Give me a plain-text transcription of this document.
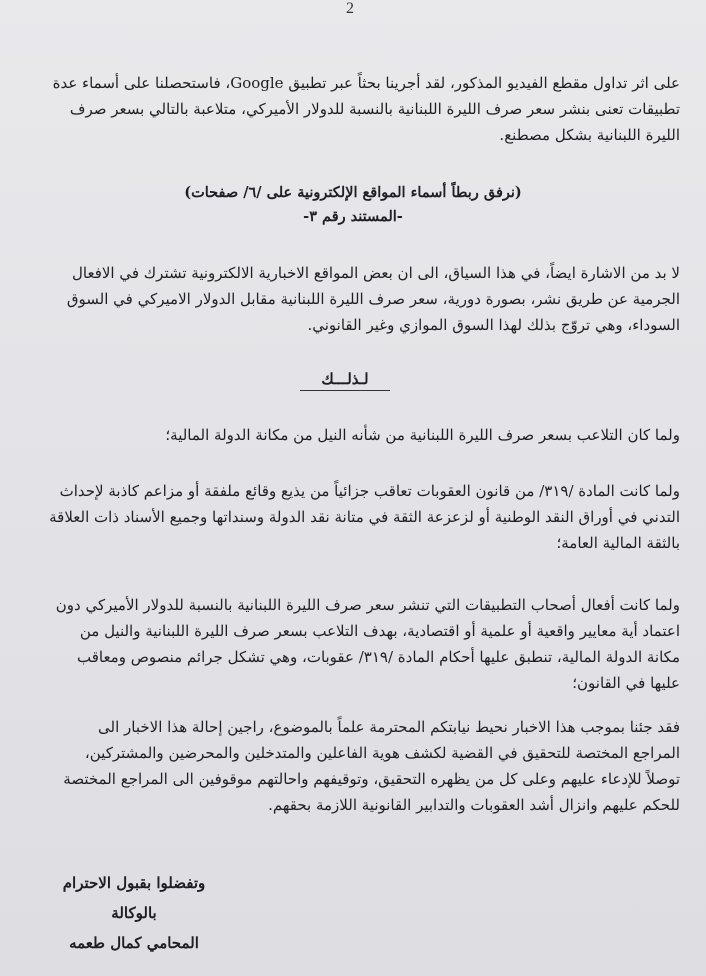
2
على اثر تداول مقطع الفيديو المذكور، لقد أجرينا بحثاً عبر تطبيق Google، فاستحصلنا على أسماء عدة
تطبيقات تعنى بنشر سعر صرف الليرة اللبنانية بالنسبة للدولار الأميركي، متلاعبة بالتالي بسعر صرف
الليرة اللبنانية بشكل مصطنع.
(نرفق ربطاً أسماء المواقع الإلكترونية على /٦/ صفحات)
-المستند رقم ٣-
لا بد من الاشارة ايضاً، في هذا السياق، الى ان بعض المواقع الاخبارية الالكترونية تشترك في الافعال
الجرمية عن طريق نشر، بصورة دورية، سعر صرف الليرة اللبنانية مقابل الدولار الاميركي في السوق
السوداء، وهي تروّج بذلك لهذا السوق الموازي وغير القانوني.
لـذلـــك
ولما كان التلاعب بسعر صرف الليرة اللبنانية من شأنه النيل من مكانة الدولة المالية؛
ولما كانت المادة /٣١٩/ من قانون العقوبات تعاقب جزائياً من يذيع وقائع ملفقة أو مزاعم كاذبة لإحداث
التدني في أوراق النقد الوطنية أو لزعزعة الثقة في متانة نقد الدولة وسنداتها وجميع الأسناد ذات العلاقة
بالثقة المالية العامة؛
ولما كانت أفعال أصحاب التطبيقات التي تنشر سعر صرف الليرة اللبنانية بالنسبة للدولار الأميركي دون
اعتماد أية معايير واقعية أو علمية أو اقتصادية، بهدف التلاعب بسعر صرف الليرة اللبنانية والنيل من
مكانة الدولة المالية، تنطبق عليها أحكام المادة /٣١٩/ عقوبات، وهي تشكل جرائم منصوص ومعاقب
عليها في القانون؛
فقد جئنا بموجب هذا الاخبار نحيط نيابتكم المحترمة علماً بالموضوع، راجين إحالة هذا الاخبار الى
المراجع المختصة للتحقيق في القضية لكشف هوية الفاعلين والمتدخلين والمحرضين والمشتركين،
توصلاً للإدعاء عليهم وعلى كل من يظهره التحقيق، وتوقيفهم واحالتهم موقوفين الى المراجع المختصة
للحكم عليهم وانزال أشد العقوبات والتدابير القانونية اللازمة بحقهم.
وتفضلوا بقبول الاحترام
بالوكالة
المحامي كمال طعمه
